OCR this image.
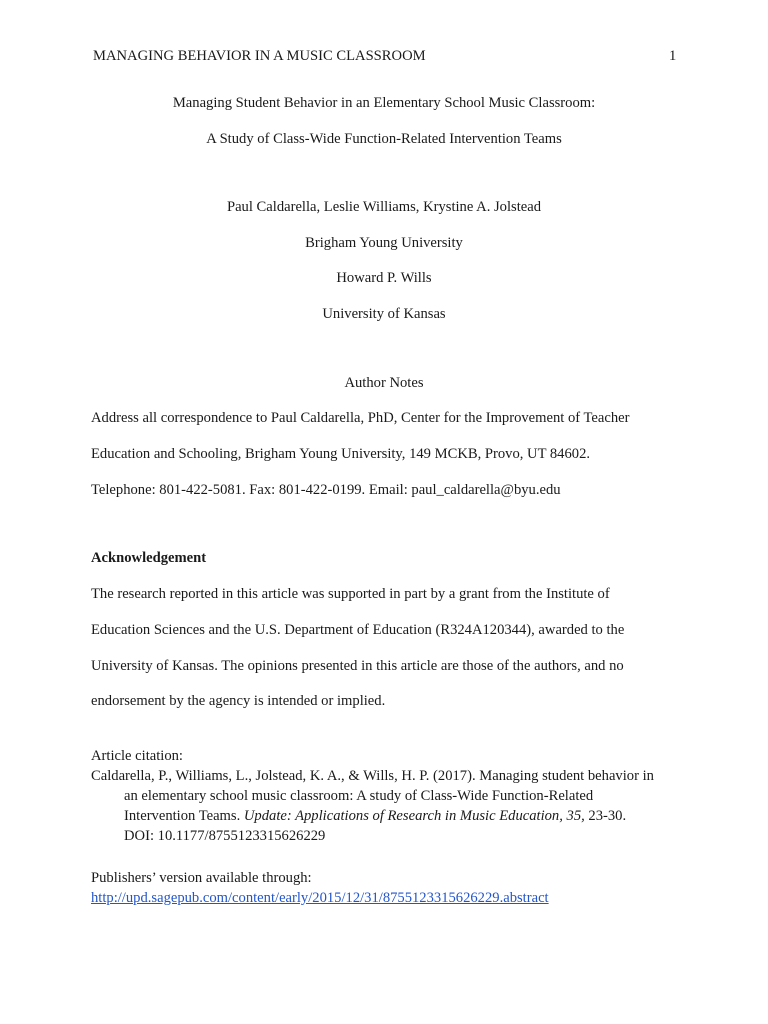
MANAGING BEHAVIOR IN A MUSIC CLASSROOM	1
Managing Student Behavior in an Elementary School Music Classroom:
A Study of Class-Wide Function-Related Intervention Teams
Paul Caldarella, Leslie Williams, Krystine A. Jolstead
Brigham Young University
Howard P. Wills
University of Kansas
Author Notes
Address all correspondence to Paul Caldarella, PhD, Center for the Improvement of Teacher
Education and Schooling, Brigham Young University, 149 MCKB, Provo, UT 84602.
Telephone: 801-422-5081. Fax: 801-422-0199. Email: paul_caldarella@byu.edu
Acknowledgement
The research reported in this article was supported in part by a grant from the Institute of
Education Sciences and the U.S. Department of Education (R324A120344), awarded to the
University of Kansas. The opinions presented in this article are those of the authors, and no
endorsement by the agency is intended or implied.
Article citation:
Caldarella, P., Williams, L., Jolstead, K. A., & Wills, H. P. (2017). Managing student behavior in
an elementary school music classroom: A study of Class-Wide Function-Related
Intervention Teams. Update: Applications of Research in Music Education, 35, 23-30.
DOI: 10.1177/8755123315626229
Publishers’ version available through:
http://upd.sagepub.com/content/early/2015/12/31/8755123315626229.abstract
